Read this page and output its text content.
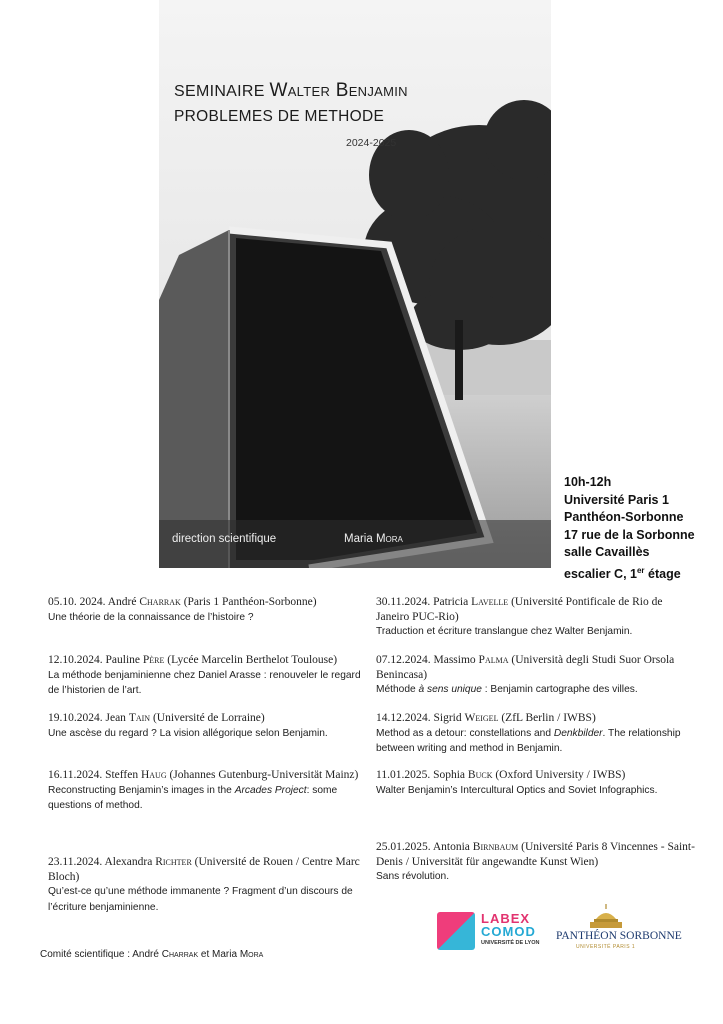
SEMINAIRE Walter Benjamin
PROBLEMES DE METHODE
2024-2025
direction scientifique	Maria Mora
10h-12h
Université Paris 1
Panthéon-Sorbonne
17 rue de la Sorbonne
salle Cavaillès
escalier C, 1er étage
05.10. 2024. André Charrak (Paris 1 Panthéon-Sorbonne)
Une théorie de la connaissance de l’histoire ?
12.10.2024. Pauline Père (Lycée Marcelin Berthelot Toulouse)
La méthode benjaminienne chez Daniel Arasse : renouveler le regard de l’historien de l’art.
19.10.2024. Jean Tain (Université de Lorraine)
Une ascèse du regard ? La vision allégorique selon Benjamin.
16.11.2024. Steffen Haug (Johannes Gutenburg-Universität Mainz)
Reconstructing Benjamin’s images in the Arcades Project: some questions of method.
23.11.2024. Alexandra Richter (Université de Rouen / Centre Marc Bloch)
Qu’est-ce qu’une méthode immanente ? Fragment d’un discours de l’écriture benjaminienne.
30.11.2024. Patricia Lavelle (Université Pontificale de Rio de Janeiro PUC-Rio)
Traduction et écriture translangue chez Walter Benjamin.
07.12.2024. Massimo Palma (Università degli Studi Suor Orsola Benincasa)
Méthode à sens unique : Benjamin cartographe des villes.
14.12.2024. Sigrid Weigel (ZfL Berlin / IWBS)
Method as a detour: constellations and Denkbilder. The relationship between writing and method in Benjamin.
11.01.2025. Sophia Buck (Oxford University / IWBS)
Walter Benjamin’s Intercultural Optics and Soviet Infographics.
25.01.2025. Antonia Birnbaum (Université Paris 8 Vincennes - Saint-Denis / Universität für angewandte Kunst Wien)
Sans révolution.
LABEX
COMOD
UNIVERSITÉ DE LYON
PANTHÉON SORBONNE
UNIVERSITÉ PARIS 1
Comité scientifique : André Charrak et Maria Mora
